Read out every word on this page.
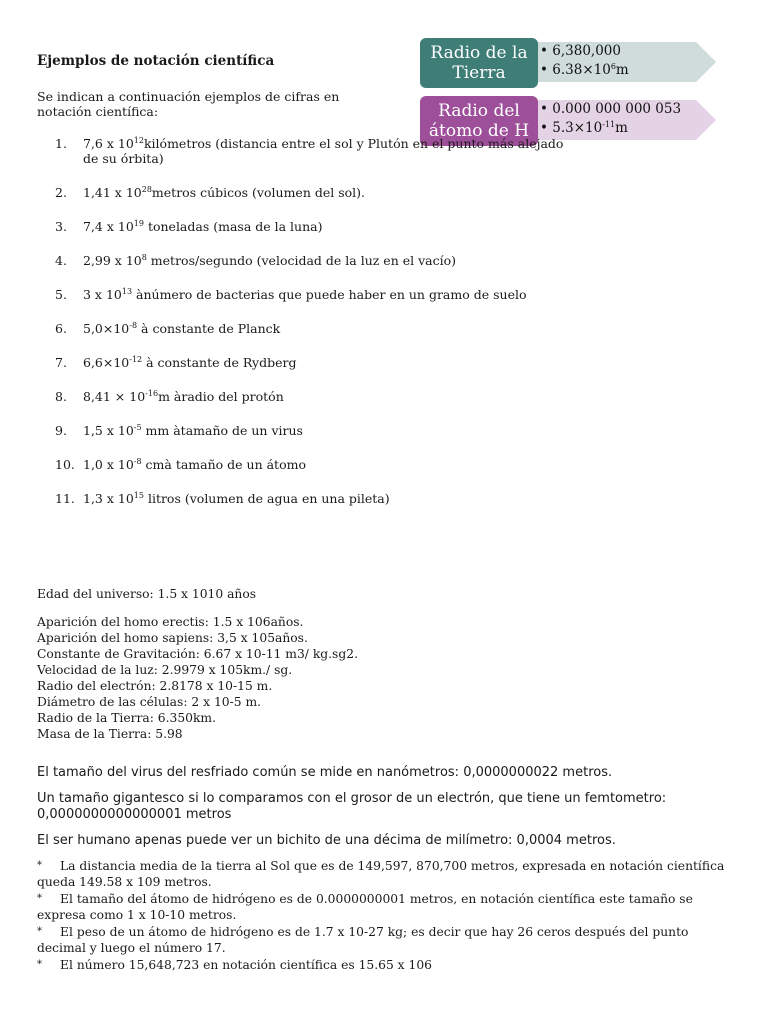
Ejemplos de notación científica
Se indican a continuación ejemplos de cifras en notación científica:
Radio de la Tierra
• 6,380,000
• $6.38\times 10^6m$
Radio del átomo de H
• 0.000 000 000 053
• $5.3\times 10^{-11}m$
1.	7,6 x $10^{12}kilómetros$ (distancia entre el sol y Plutón en el punto más alejado de su órbita)
2.	1,41 x $10^{28}metros$ cúbicos (volumen del sol).
3.	7,4 x $10^{19}$ toneladas (masa de la luna)
4.	2,99 x $10^8$ metros/segundo (velocidad de la luz en el vacío)
5.	3 x $10^{13}$ ànúmero de bacterias que puede haber en un gramo de suelo
6.	$5,0\times 10^{-8}$ à constante de Planck
7.	$6,6\times 10^{-12}$ à constante de Rydberg
8.	$8,41 \times 10^{-16}m$ àradio del protón
9.	1,5 x $10^{-5}$ mm àtamaño de un virus
10. 1,0 x $10^{-8}$ cmà tamaño de un átomo
11. 1,3 x $10^{15}$ litros (volumen de agua en una pileta)
Edad del universo: 1.5 x 1010 años
Aparición del homo erectis: 1.5 x 106años.
Aparición del homo sapiens: 3,5 x 105años.
Constante de Gravitación: 6.67 x 10-11 m3/ kg.sg2.
Velocidad de la luz: 2.9979 x 105km./ sg.
Radio del electrón: 2.8178 x 10-15 m.
Diámetro de las células: 2 x 10-5 m.
Radio de la Tierra: 6.350km.
Masa de la Tierra: 5.98
El tamaño del virus del resfriado común se mide en nanómetros: 0,0000000022 metros.
Un tamaño gigantesco si lo comparamos con el grosor de un electrón, que tiene un femtometro: 0,0000000000000001 metros
El ser humano apenas puede ver un bichito de una décima de milímetro: 0,0004 metros.
* La distancia media de la tierra al Sol que es de 149,597, 870,700 metros, expresada en notación científica queda 149.58 x 109 metros.
* El tamaño del átomo de hidrógeno es de 0.0000000001 metros, en notación científica este tamaño se expresa como 1 x 10-10 metros.
* El peso de un átomo de hidrógeno es de 1.7 x 10-27 kg; es decir que hay 26 ceros después del punto decimal y luego el número 17.
* El número 15,648,723 en notación científica es 15.65 x 106
